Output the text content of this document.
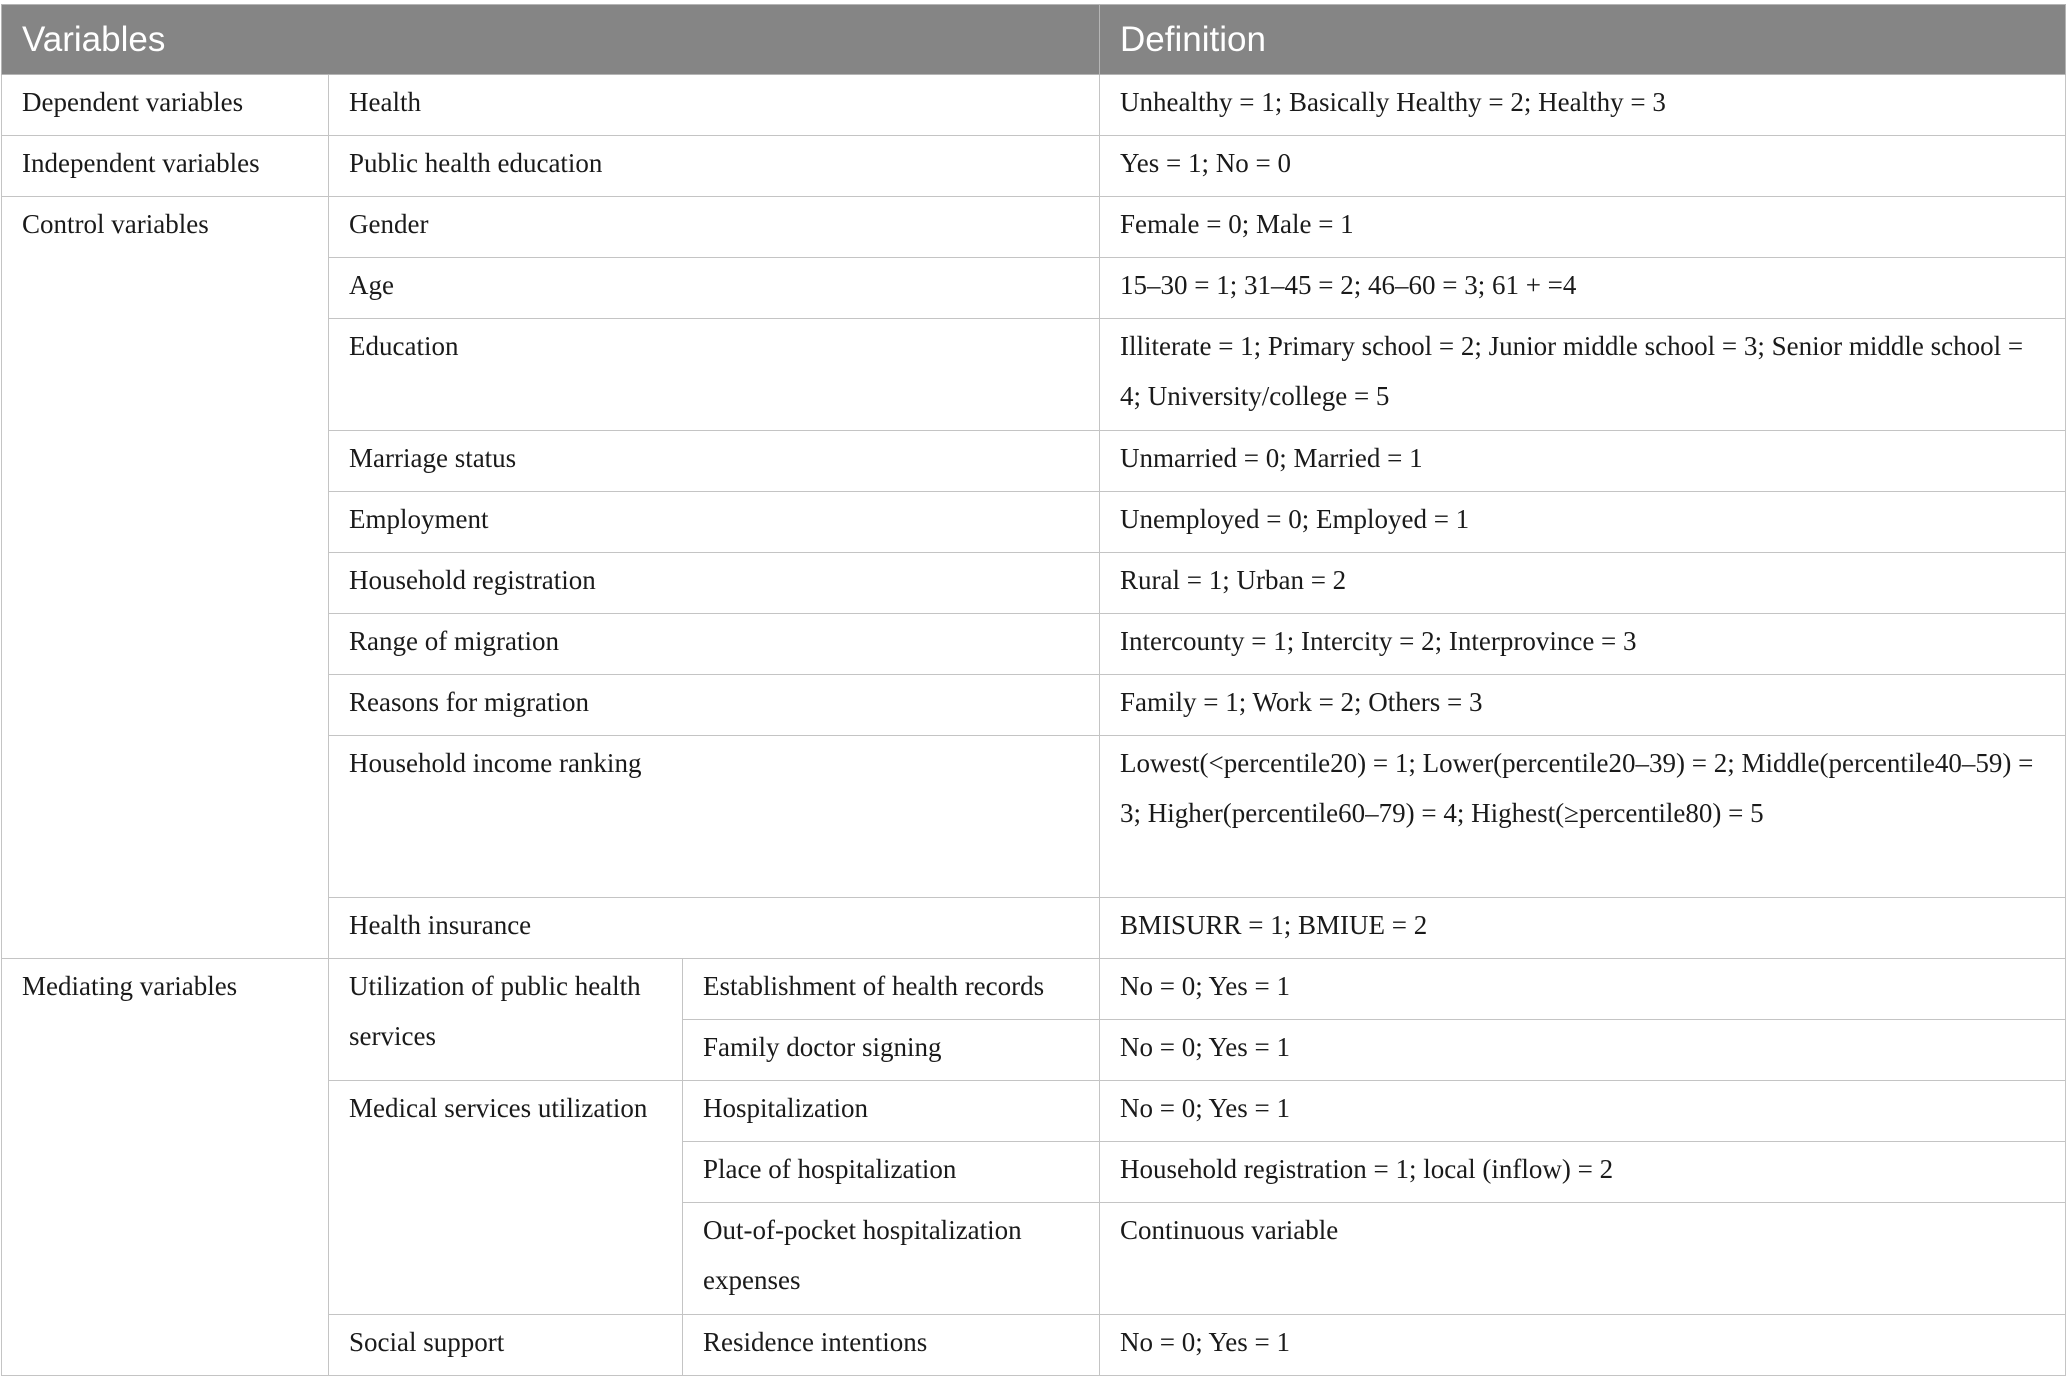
Variables			Definition

Dependent variables	Health		Unhealthy = 1; Basically Healthy = 2; Healthy = 3

Independent variables	Public health education		Yes = 1; No = 0

Control variables	Gender		Female = 0; Male = 1

	Age		15–30 = 1; 31–45 = 2; 46–60 = 3; 61 + =4

	Education		Illiterate = 1; Primary school = 2; Junior middle school = 3; Senior middle school = 4; University/college = 5

	Marriage status		Unmarried = 0; Married = 1

	Employment		Unemployed = 0; Employed = 1

	Household registration		Rural = 1; Urban = 2

	Range of migration		Intercounty = 1; Intercity = 2; Interprovince = 3

	Reasons for migration		Family = 1; Work = 2; Others = 3

	Household income ranking		Lowest(<percentile20) = 1; Lower(percentile20–39) = 2; Middle(percentile40–59) = 3; Higher(percentile60–79) = 4; Highest(≥percentile80) = 5

	Health insurance		BMISURR = 1; BMIUE = 2

Mediating variables	Utilization of public health services	Establishment of health records	No = 0; Yes = 1

		Family doctor signing	No = 0; Yes = 1

	Medical services utilization	Hospitalization	No = 0; Yes = 1

		Place of hospitalization	Household registration = 1; local (inflow) = 2

		Out-of-pocket hospitalization expenses	Continuous variable

	Social support	Residence intentions	No = 0; Yes = 1
